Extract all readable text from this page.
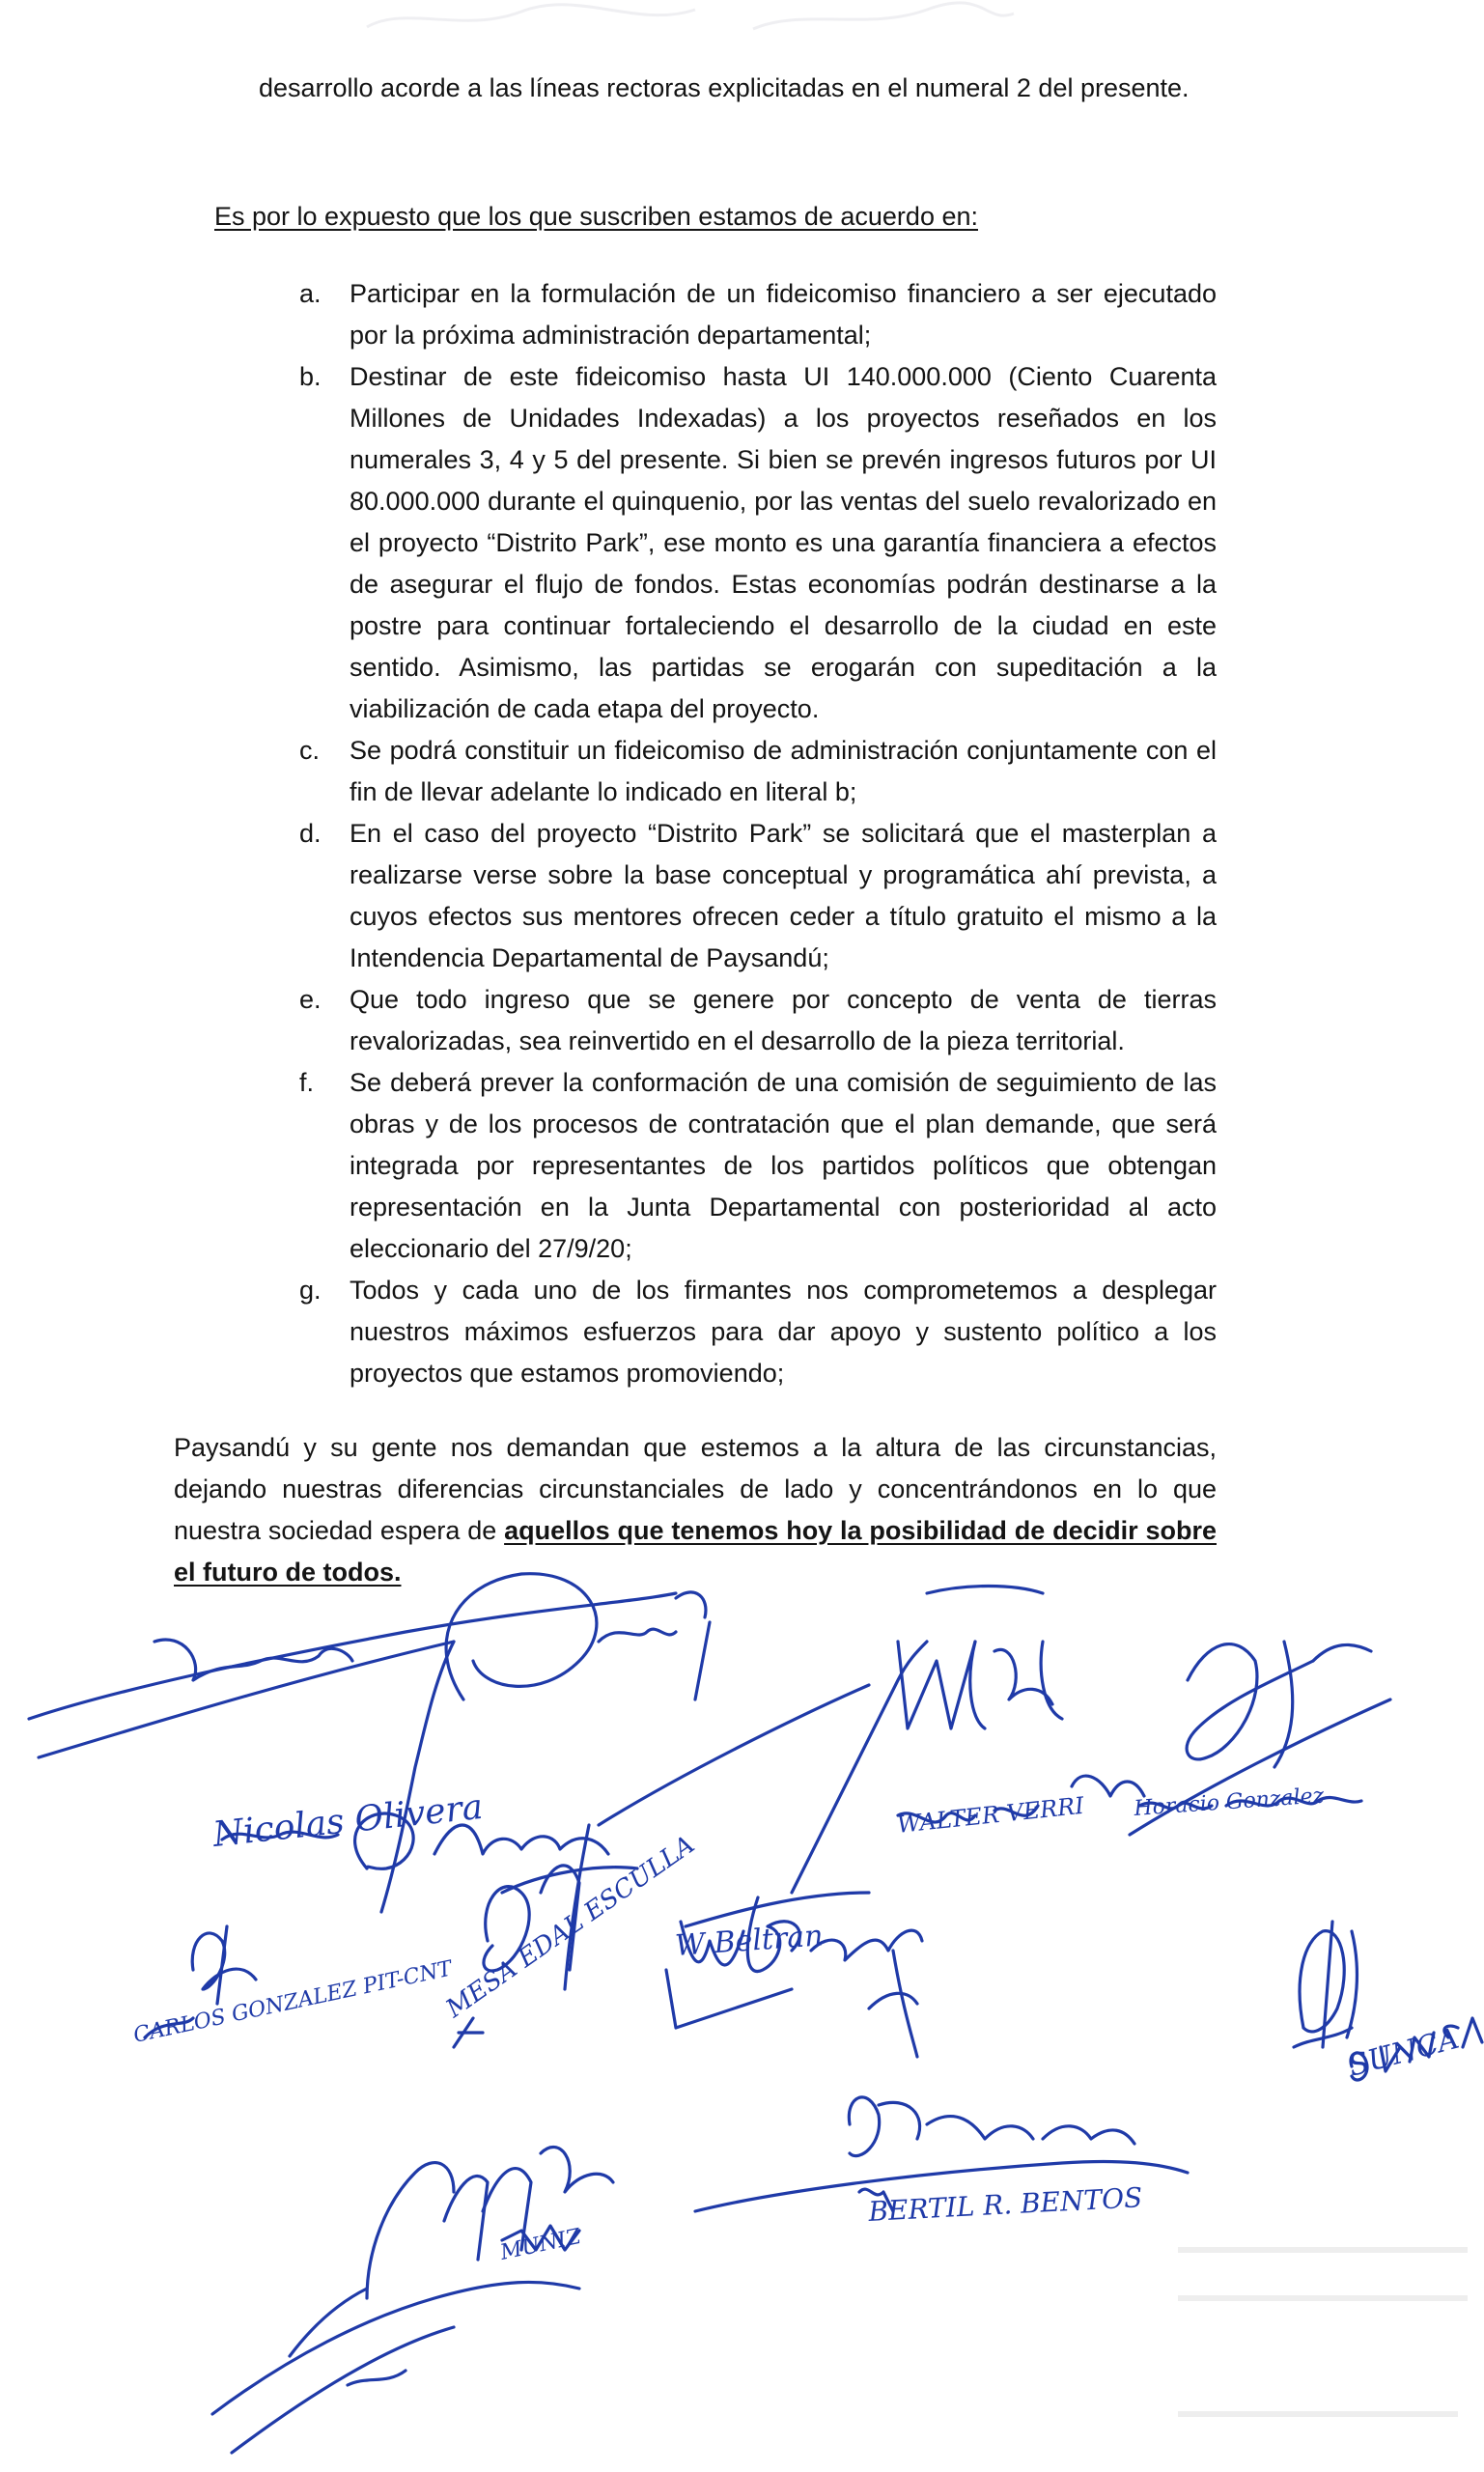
desarrollo acorde a las líneas rectoras explicitadas en el numeral 2 del presente.

Es por lo expuesto que los que suscriben estamos de acuerdo en:
a. Participar en la formulación de un fideicomiso financiero a ser ejecutado por la próxima administración departamental;
b. Destinar de este fideicomiso hasta UI 140.000.000 (Ciento Cuarenta Millones de Unidades Indexadas) a los proyectos reseñados en los numerales 3, 4 y 5 del presente. Si bien se prevén ingresos futuros por UI 80.000.000 durante el quinquenio, por las ventas del suelo revalorizado en el proyecto “Distrito Park”, ese monto es una garantía financiera a efectos de asegurar el flujo de fondos. Estas economías podrán destinarse a la postre para continuar fortaleciendo el desarrollo de la ciudad en este sentido. Asimismo, las partidas se erogarán con supeditación a la viabilización de cada etapa del proyecto.
c. Se podrá constituir un fideicomiso de administración conjuntamente con el fin de llevar adelante lo indicado en literal b;
d. En el caso del proyecto “Distrito Park” se solicitará que el masterplan a realizarse verse sobre la base conceptual y programática ahí prevista, a cuyos efectos sus mentores ofrecen ceder a título gratuito el mismo a la Intendencia Departamental de Paysandú;
e. Que todo ingreso que se genere por concepto de venta de tierras revalorizadas, sea reinvertido en el desarrollo de la pieza territorial.
f. Se deberá prever la conformación de una comisión de seguimiento de las obras y de los procesos de contratación que el plan demande, que será integrada por representantes de los partidos políticos que obtengan representación en la Junta Departamental con posterioridad al acto eleccionario del 27/9/20;
g. Todos y cada uno de los firmantes nos comprometemos a desplegar nuestros máximos esfuerzos para dar apoyo y sustento político a los proyectos que estamos promoviendo;

Paysandú y su gente nos demandan que estemos a la altura de las circunstancias, dejando nuestras diferencias circunstanciales de lado y concentrándonos en lo que nuestra sociedad espera de aquellos que tenemos hoy la posibilidad de decidir sobre el futuro de todos.

Nicolas Olivera
CARLOS GONZALEZ PIT-CNT
MESA EDAL ESCULLA
W Beltran
WALTER VERRI Horacio Gonzalez
SUNCA
MUNIZ
BERTIL R. BENTOS
